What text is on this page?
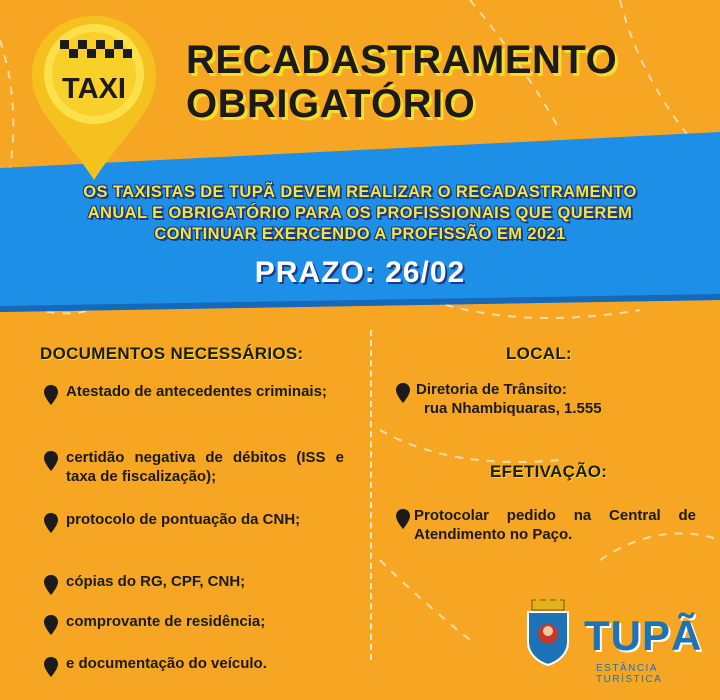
TAXI
RECADASTRAMENTO
OBRIGATÓRIO
OS TAXISTAS DE TUPÃ DEVEM REALIZAR O RECADASTRAMENTO
ANUAL E OBRIGATÓRIO PARA OS PROFISSIONAIS QUE QUEREM
CONTINUAR EXERCENDO A PROFISSÃO EM 2021
PRAZO: 26/02
DOCUMENTOS NECESSÁRIOS:
Atestado de antecedentes criminais;
certidão negativa de débitos (ISS e taxa de fiscalização);
protocolo de pontuação da CNH;
cópias do RG, CPF, CNH;
comprovante de residência;
e documentação do veículo.
LOCAL:
Diretoria de Trânsito:
rua Nhambiquaras, 1.555
EFETIVAÇÃO:
Protocolar pedido na Central de Atendimento no Paço.
TUPÃ
ESTÂNCIA TURÍSTICA
